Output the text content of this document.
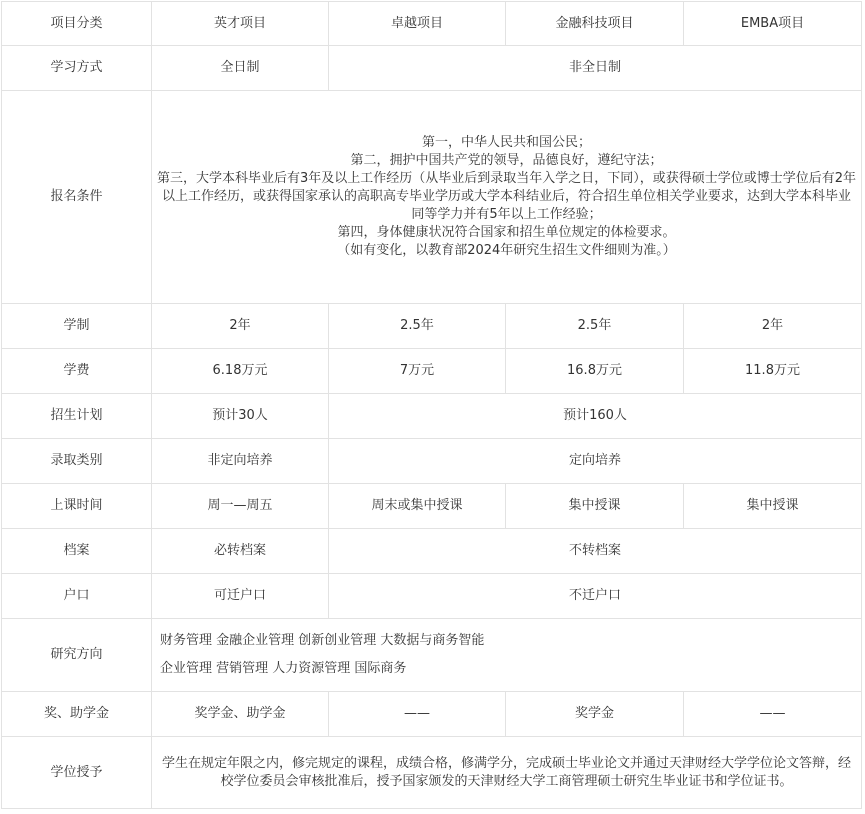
项目分类	英才项目	卓越项目	金融科技项目	EMBA项目
学习方式	全日制	非全日制		
报名条件	第一，中华人民共和国公民；
第二，拥护中国共产党的领导，品德良好，遵纪守法；
第三，大学本科毕业后有3年及以上工作经历（从毕业后到录取当年入学之日，下同），或获得硕士学位或博士学位后有2年以上工作经历，或获得国家承认的高职高专毕业学历或大学本科结业后，符合招生单位相关学业要求，达到大学本科毕业同等学力并有5年以上工作经验；
第四，身体健康状况符合国家和招生单位规定的体检要求。
（如有变化，以教育部2024年研究生招生文件细则为准。）			

学制	2年	2.5年	2.5年	2年
学费	6.18万元	7万元	16.8万元	11.8万元
招生计划	预计30人	预计160人		
录取类别	非定向培养	定向培养		
上课时间	周一—周五	周末或集中授课	集中授课	集中授课
档案	必转档案	不转档案		
户口	可迁户口	不迁户口		
研究方向	财务管理 金融企业管理 创新创业管理 大数据与商务智能
企业管理 营销管理 人力资源管理 国际商务			

奖、助学金	奖学金、助学金	——	奖学金	——
学位授予	学生在规定年限之内，修完规定的课程，成绩合格，修满学分，完成硕士毕业论文并通过天津财经大学学位论文答辩，经校学位委员会审核批准后，授予国家颁发的天津财经大学工商管理硕士研究生毕业证书和学位证书。			
